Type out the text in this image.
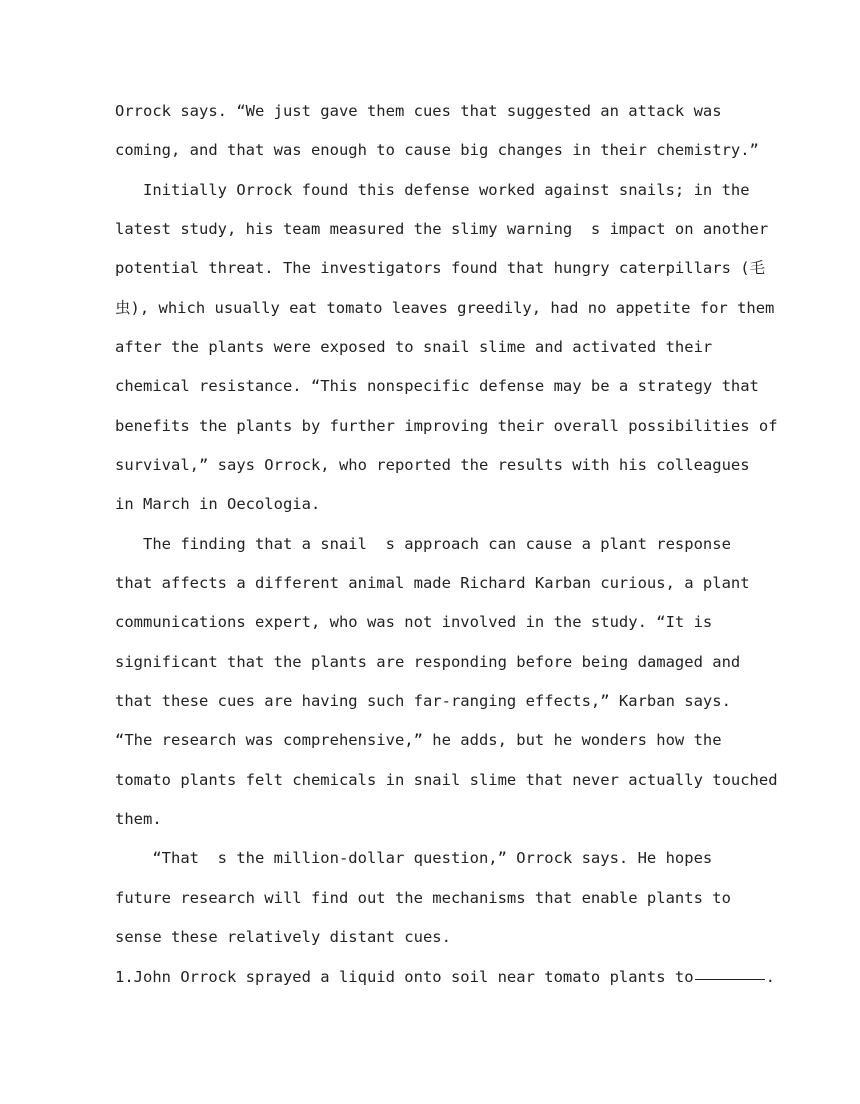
Orrock says. “We just gave them cues that suggested an attack was
coming, and that was enough to cause big changes in their chemistry.”
Initially Orrock found this defense worked against snails; in the
latest study, his team measured the slimy warning  s impact on another
potential threat. The investigators found that hungry caterpillars (毛
虫), which usually eat tomato leaves greedily, had no appetite for them
after the plants were exposed to snail slime and activated their
chemical resistance. “This nonspecific defense may be a strategy that
benefits the plants by further improving their overall possibilities of
survival,” says Orrock, who reported the results with his colleagues
in March in Oecologia.
The finding that a snail  s approach can cause a plant response
that affects a different animal made Richard Karban curious, a plant
communications expert, who was not involved in the study. “It is
significant that the plants are responding before being damaged and
that these cues are having such far-ranging effects,” Karban says.
“The research was comprehensive,” he adds, but he wonders how the
tomato plants felt chemicals in snail slime that never actually touched
them.
“That  s the million-dollar question,” Orrock says. He hopes
future research will find out the mechanisms that enable plants to
sense these relatively distant cues.
1.John Orrock sprayed a liquid onto soil near tomato plants to	.
